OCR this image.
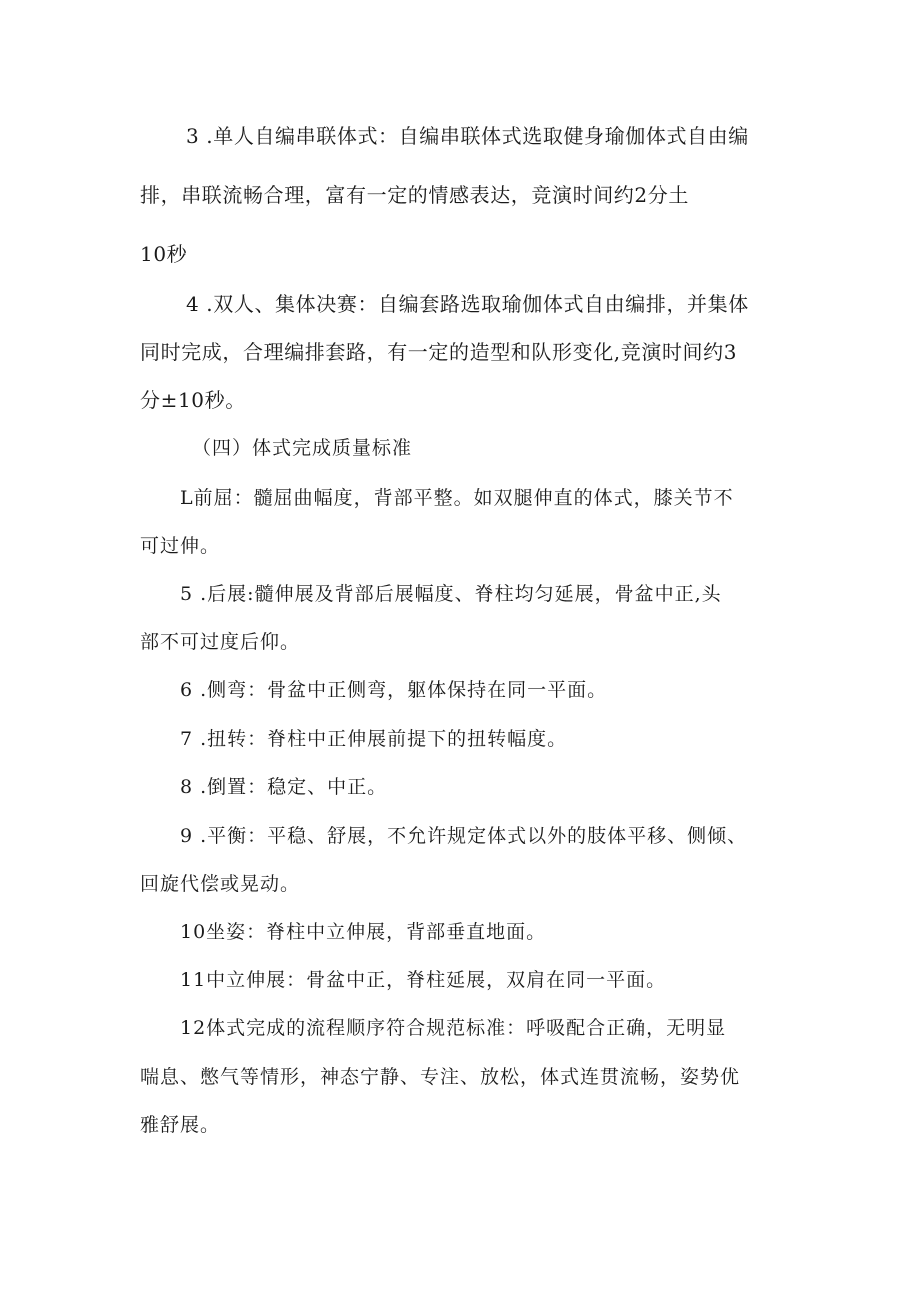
3 .单人自编串联体式：自编串联体式选取健身瑜伽体式自由编
排，串联流畅合理，富有一定的情感表达，竞演时间约2分土
10秒
4 .双人、集体决赛：自编套路选取瑜伽体式自由编排，并集体
同时完成，合理编排套路，有一定的造型和队形变化,竞演时间约3
分±10秒。
（四）体式完成质量标准
L前屈：髓屈曲幅度，背部平整。如双腿伸直的体式，膝关节不
可过伸。
5 .后展:髓伸展及背部后展幅度、脊柱均匀延展，骨盆中正,头
部不可过度后仰。
6 .侧弯：骨盆中正侧弯，躯体保持在同一平面。
7 .扭转：脊柱中正伸展前提下的扭转幅度。
8 .倒置：稳定、中正。
9 .平衡：平稳、舒展，不允许规定体式以外的肢体平移、侧倾、
回旋代偿或晃动。
10坐姿：脊柱中立伸展，背部垂直地面。
11中立伸展：骨盆中正，脊柱延展，双肩在同一平面。
12体式完成的流程顺序符合规范标准：呼吸配合正确，无明显
喘息、憋气等情形，神态宁静、专注、放松，体式连贯流畅，姿势优
雅舒展。
